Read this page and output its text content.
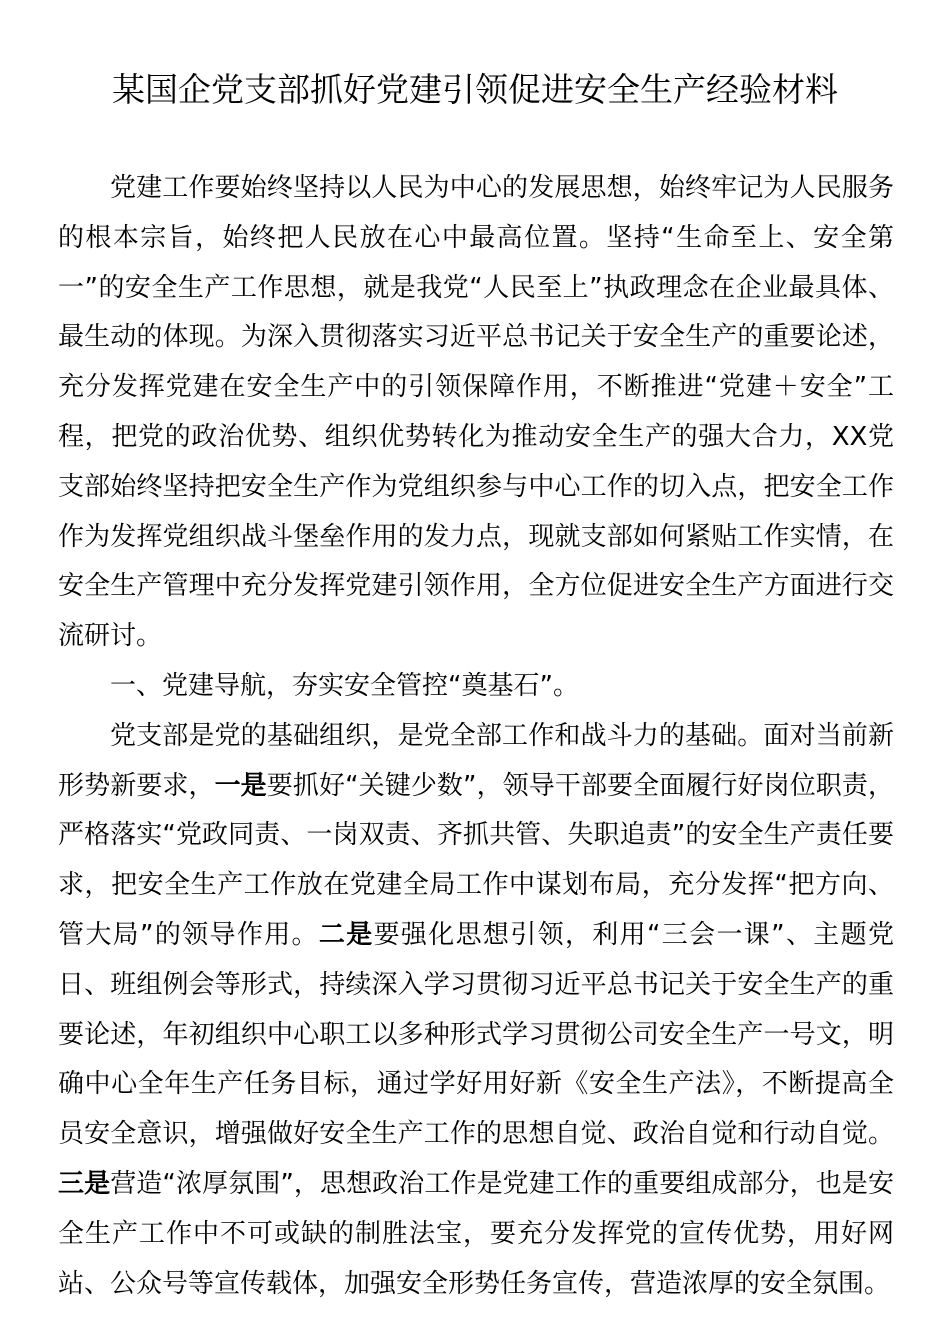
某国企党支部抓好党建引领促进安全生产经验材料

党建工作要始终坚持以人民为中心的发展思想，始终牢记为人民服务的根本宗旨，始终把人民放在心中最高位置。坚持“生命至上、安全第一”的安全生产工作思想，就是我党“人民至上”执政理念在企业最具体、最生动的体现。为深入贯彻落实习近平总书记关于安全生产的重要论述，充分发挥党建在安全生产中的引领保障作用，不断推进“党建＋安全”工程，把党的政治优势、组织优势转化为推动安全生产的强大合力，XX党支部始终坚持把安全生产作为党组织参与中心工作的切入点，把安全工作作为发挥党组织战斗堡垒作用的发力点，现就支部如何紧贴工作实情，在安全生产管理中充分发挥党建引领作用，全方位促进安全生产方面进行交流研讨。

一、党建导航，夯实安全管控“奠基石”。

党支部是党的基础组织，是党全部工作和战斗力的基础。面对当前新形势新要求，一是要抓好“关键少数”，领导干部要全面履行好岗位职责，严格落实“党政同责、一岗双责、齐抓共管、失职追责”的安全生产责任要求，把安全生产工作放在党建全局工作中谋划布局，充分发挥“把方向、管大局”的领导作用。二是要强化思想引领，利用“三会一课”、主题党日、班组例会等形式，持续深入学习贯彻习近平总书记关于安全生产的重要论述，年初组织中心职工以多种形式学习贯彻公司安全生产一号文，明确中心全年生产任务目标，通过学好用好新《安全生产法》，不断提高全员安全意识，增强做好安全生产工作的思想自觉、政治自觉和行动自觉。三是营造“浓厚氛围”，思想政治工作是党建工作的重要组成部分，也是安全生产工作中不可或缺的制胜法宝，要充分发挥党的宣传优势，用好网站、公众号等宣传载体，加强安全形势任务宣传，营造浓厚的安全氛围。
